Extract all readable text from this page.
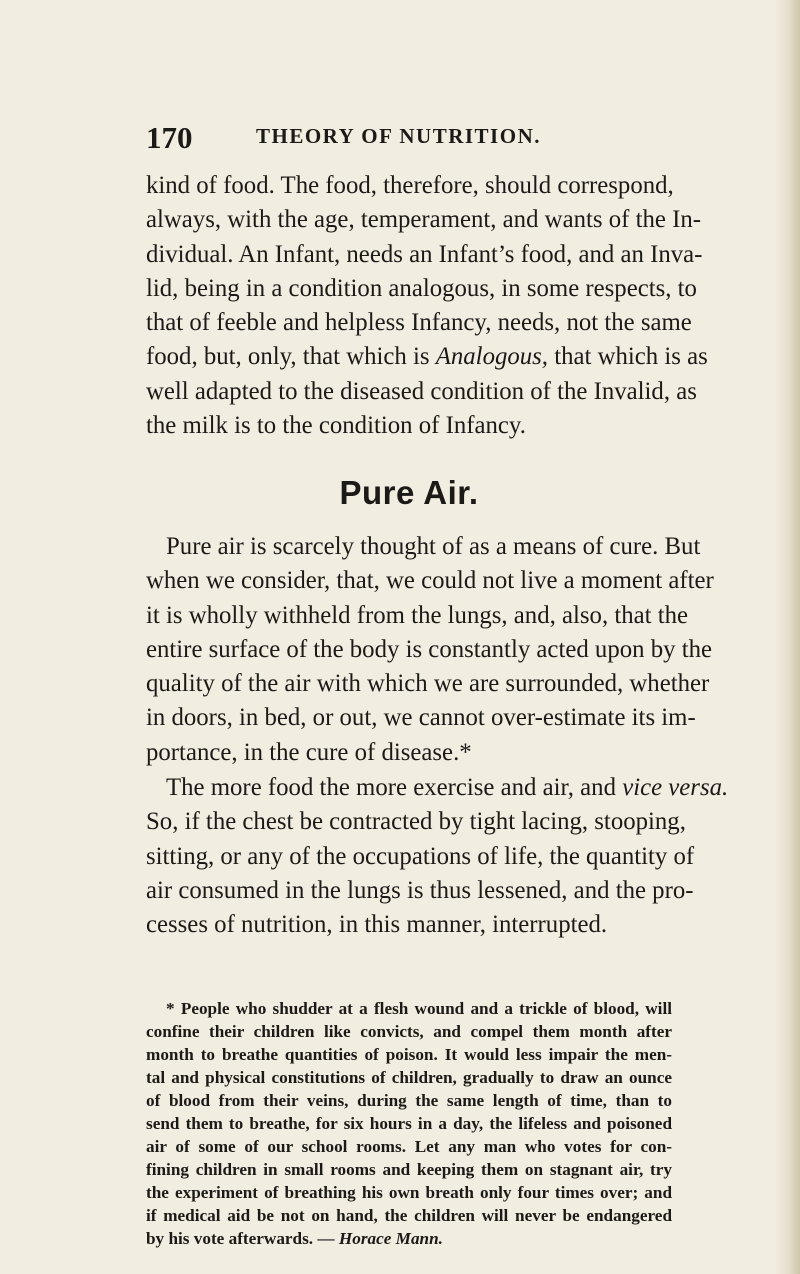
170	THEORY OF NUTRITION.
kind of food. The food, therefore, should correspond,
always, with the age, temperament, and wants of the In-
dividual. An Infant, needs an Infant’s food, and an Inva-
lid, being in a condition analogous, in some respects, to
that of feeble and helpless Infancy, needs, not the same
food, but, only, that which is Analogous, that which is as
well adapted to the diseased condition of the Invalid, as
the milk is to the condition of Infancy.
Pure Air.
Pure air is scarcely thought of as a means of cure. But
when we consider, that, we could not live a moment after
it is wholly withheld from the lungs, and, also, that the
entire surface of the body is constantly acted upon by the
quality of the air with which we are surrounded, whether
in doors, in bed, or out, we cannot over-estimate its im-
portance, in the cure of disease.*
The more food the more exercise and air, and vice versa.
So, if the chest be contracted by tight lacing, stooping,
sitting, or any of the occupations of life, the quantity of
air consumed in the lungs is thus lessened, and the pro-
cesses of nutrition, in this manner, interrupted.
* People who shudder at a flesh wound and a trickle of blood, will
confine their children like convicts, and compel them month after
month to breathe quantities of poison. It would less impair the men-
tal and physical constitutions of children, gradually to draw an ounce
of blood from their veins, during the same length of time, than to
send them to breathe, for six hours in a day, the lifeless and poisoned
air of some of our school rooms. Let any man who votes for con-
fining children in small rooms and keeping them on stagnant air, try
the experiment of breathing his own breath only four times over; and
if medical aid be not on hand, the children will never be endangered
by his vote afterwards. — Horace Mann.
